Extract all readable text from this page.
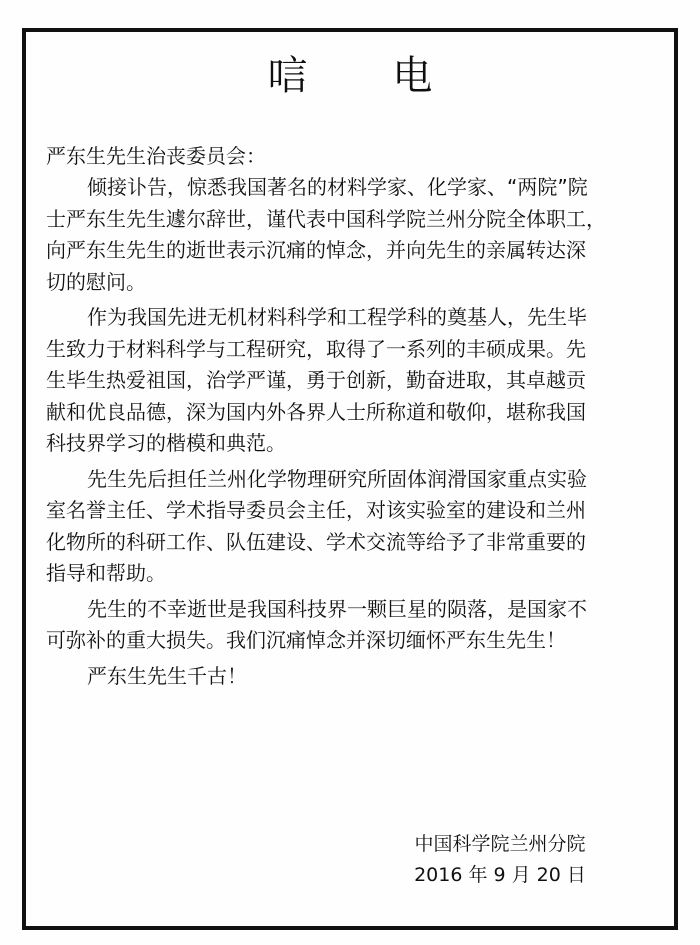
唁 电

严东生先生治丧委员会：

倾接讣告，惊悉我国著名的材料学家、化学家、“两院”院
士严东生先生遽尔辞世，谨代表中国科学院兰州分院全体职工，
向严东生先生的逝世表示沉痛的悼念，并向先生的亲属转达深
切的慰问。
作为我国先进无机材料科学和工程学科的奠基人，先生毕
生致力于材料科学与工程研究，取得了一系列的丰硕成果。先
生毕生热爱祖国，治学严谨，勇于创新，勤奋进取，其卓越贡
献和优良品德，深为国内外各界人士所称道和敬仰，堪称我国
科技界学习的楷模和典范。
先生先后担任兰州化学物理研究所固体润滑国家重点实验
室名誉主任、学术指导委员会主任，对该实验室的建设和兰州
化物所的科研工作、队伍建设、学术交流等给予了非常重要的
指导和帮助。
先生的不幸逝世是我国科技界一颗巨星的陨落，是国家不
可弥补的重大损失。我们沉痛悼念并深切缅怀严东生先生！
严东生先生千古！
中国科学院兰州分院
2016 年 9 月 20 日
